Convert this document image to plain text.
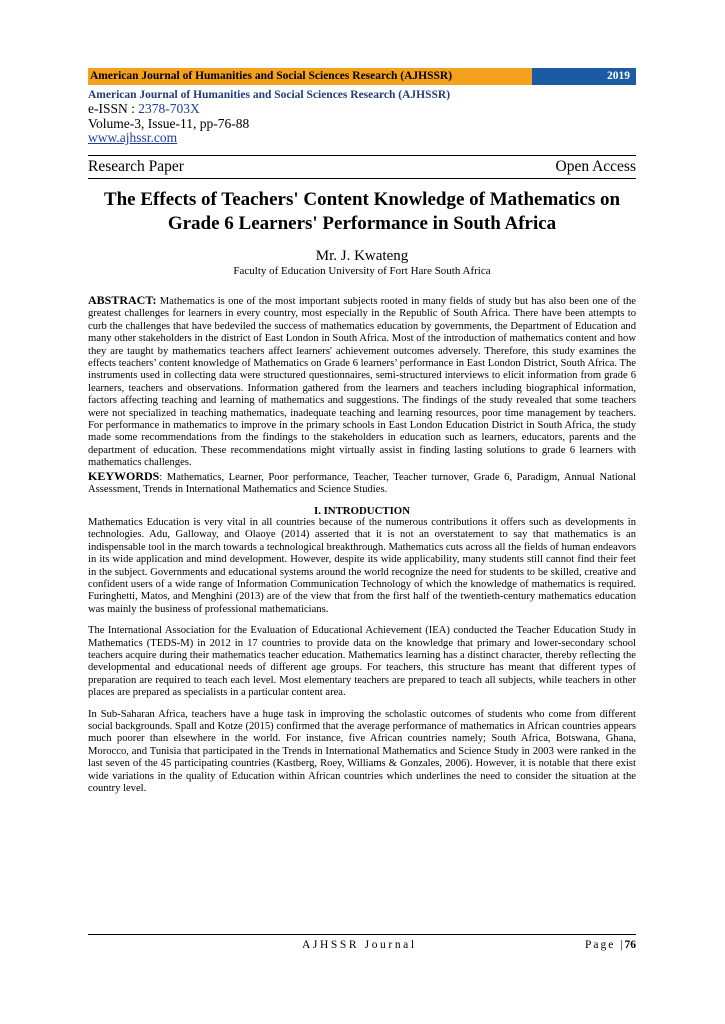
American Journal of Humanities and Social Sciences Research (AJHSSR)	2019
American Journal of Humanities and Social Sciences Research (AJHSSR)
e-ISSN : 2378-703X
Volume-3, Issue-11, pp-76-88
www.ajhssr.com
Research Paper	Open Access
The Effects of Teachers' Content Knowledge of Mathematics on Grade 6 Learners' Performance in South Africa
Mr. J. Kwateng
Faculty of Education University of Fort Hare South Africa

ABSTRACT: Mathematics is one of the most important subjects rooted in many fields of study but has also been one of the greatest challenges for learners in every country, most especially in the Republic of South Africa. There have been attempts to curb the challenges that have bedeviled the success of mathematics education by governments, the Department of Education and many other stakeholders in the district of East London in South Africa. Most of the introduction of mathematics content and how they are taught by mathematics teachers affect learners' achievement outcomes adversely. Therefore, this study examines the effects teachers’ content knowledge of Mathematics on Grade 6 learners’ performance in East London District, South Africa. The instruments used in collecting data were structured questionnaires, semi-structured interviews to elicit information from grade 6 learners, teachers and observations. Information gathered from the learners and teachers including biographical information, factors affecting teaching and learning of mathematics and suggestions. The findings of the study revealed that some teachers were not specialized in teaching mathematics, inadequate teaching and learning resources, poor time management by teachers. For performance in mathematics to improve in the primary schools in East London Education District in South Africa, the study made some recommendations from the findings to the stakeholders in education such as learners, educators, parents and the department of education. These recommendations might virtually assist in finding lasting solutions to grade 6 learners with mathematics challenges.

KEYWORDS: Mathematics, Learner, Poor performance, Teacher, Teacher turnover, Grade 6, Paradigm, Annual National Assessment, Trends in International Mathematics and Science Studies.

I. INTRODUCTION

Mathematics Education is very vital in all countries because of the numerous contributions it offers such as developments in technologies. Adu, Galloway, and Olaoye (2014) asserted that it is not an overstatement to say that mathematics is an indispensable tool in the march towards a technological breakthrough. Mathematics cuts across all the fields of human endeavors in its wide application and mind development. However, despite its wide applicability, many students still cannot find their feet in the subject. Governments and educational systems around the world recognize the need for students to be skilled, creative and confident users of a wide range of Information Communication Technology of which the knowledge of mathematics is required. Furinghetti, Matos, and Menghini (2013) are of the view that from the first half of the twentieth-century mathematics education was mainly the business of professional mathematicians.

The International Association for the Evaluation of Educational Achievement (IEA) conducted the Teacher Education Study in Mathematics (TEDS-M) in 2012 in 17 countries to provide data on the knowledge that primary and lower-secondary school teachers acquire during their mathematics teacher education. Mathematics learning has a distinct character, thereby reflecting the developmental and educational needs of different age groups. For teachers, this structure has meant that different types of preparation are required to teach each level. Most elementary teachers are prepared to teach all subjects, while teachers in other places are prepared as specialists in a particular content area.

In Sub-Saharan Africa, teachers have a huge task in improving the scholastic outcomes of students who come from different social backgrounds. Spall and Kotze (2015) confirmed that the average performance of mathematics in African countries appears much poorer than elsewhere in the world. For instance, five African countries namely; South Africa, Botswana, Ghana, Morocco, and Tunisia that participated in the Trends in International Mathematics and Science Study in 2003 were ranked in the last seven of the 45 participating countries (Kastberg, Roey, Williams & Gonzales, 2006). However, it is notable that there exist wide variations in the quality of Education within African countries which underlines the need to consider the situation at the country level.

AJHSSR Journal	Page |76
